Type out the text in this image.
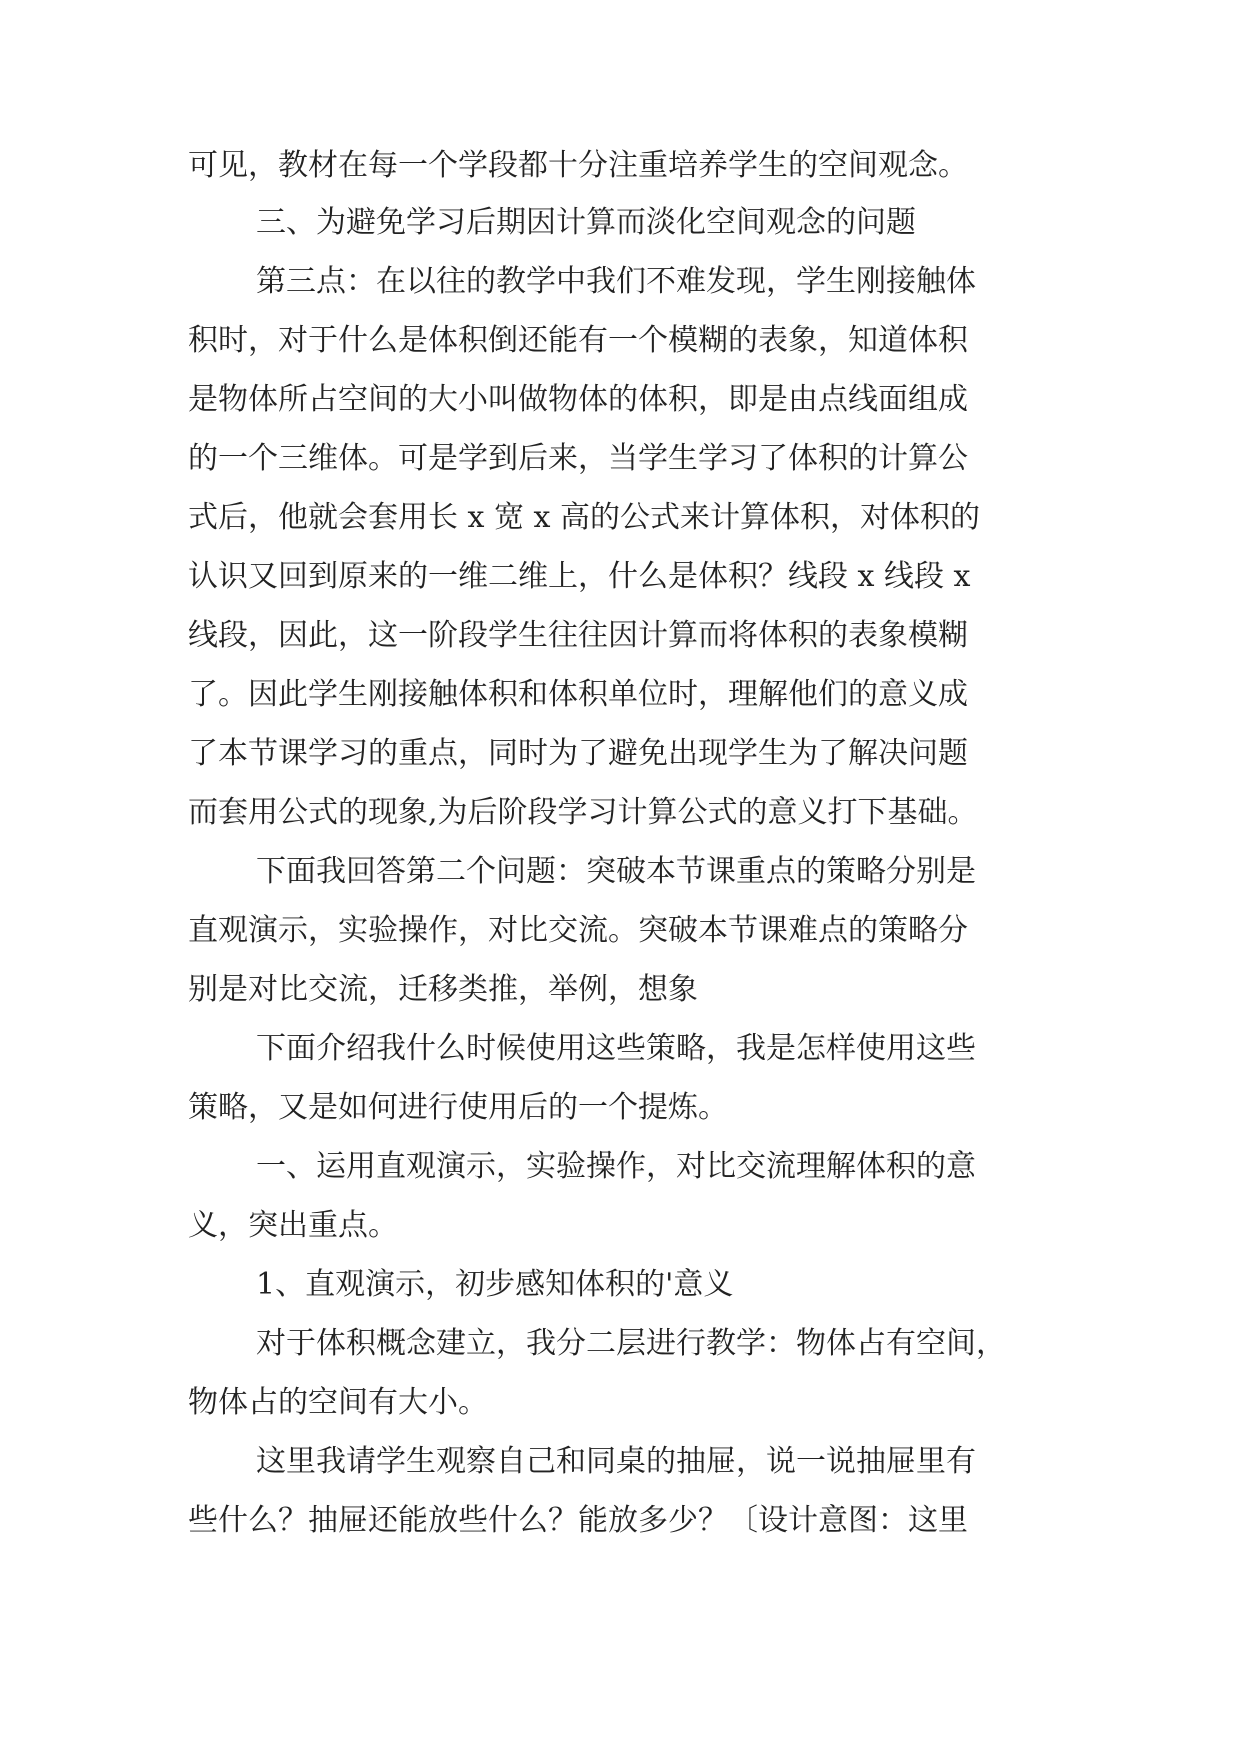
可见，教材在每一个学段都十分注重培养学生的空间观念。

三、为避免学习后期因计算而淡化空间观念的问题

第三点：在以往的教学中我们不难发现，学生刚接触体

积时，对于什么是体积倒还能有一个模糊的表象，知道体积

是物体所占空间的大小叫做物体的体积，即是由点线面组成

的一个三维体。可是学到后来，当学生学习了体积的计算公

式后，他就会套用长 x 宽 x 高的公式来计算体积，对体积的

认识又回到原来的一维二维上，什么是体积？线段 x 线段 x

线段，因此，这一阶段学生往往因计算而将体积的表象模糊

了。因此学生刚接触体积和体积单位时，理解他们的意义成

了本节课学习的重点，同时为了避免出现学生为了解决问题

而套用公式的现象,为后阶段学习计算公式的意义打下基础。

下面我回答第二个问题：突破本节课重点的策略分别是

直观演示，实验操作，对比交流。突破本节课难点的策略分

别是对比交流，迁移类推，举例，想象

下面介绍我什么时候使用这些策略，我是怎样使用这些

策略，又是如何进行使用后的一个提炼。

一、运用直观演示，实验操作，对比交流理解体积的意

义，突出重点。

1、直观演示，初步感知体积的'意义

对于体积概念建立，我分二层进行教学：物体占有空间，

物体占的空间有大小。

这里我请学生观察自己和同桌的抽屉，说一说抽屉里有

些什么？抽屉还能放些什么？能放多少？〔设计意图：这里
